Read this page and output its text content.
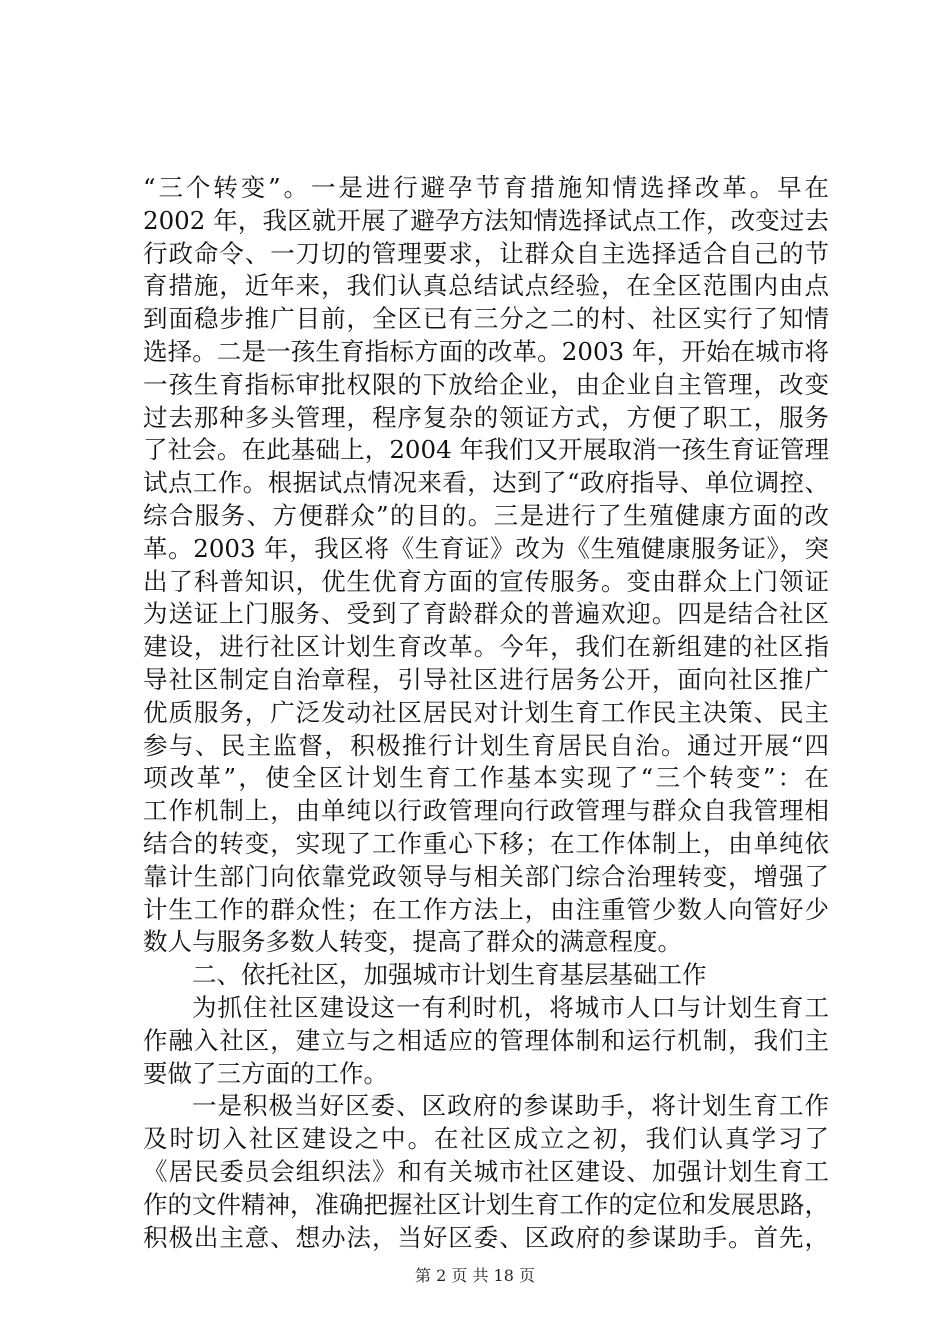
“三个转变”。一是进行避孕节育措施知情选择改革。早在
2002 年，我区就开展了避孕方法知情选择试点工作，改变过去
行政命令、一刀切的管理要求，让群众自主选择适合自己的节
育措施，近年来，我们认真总结试点经验，在全区范围内由点
到面稳步推广目前，全区已有三分之二的村、社区实行了知情
选择。二是一孩生育指标方面的改革。2003 年，开始在城市将
一孩生育指标审批权限的下放给企业，由企业自主管理，改变
过去那种多头管理，程序复杂的领证方式，方便了职工，服务
了社会。在此基础上，2004 年我们又开展取消一孩生育证管理
试点工作。根据试点情况来看，达到了“政府指导、单位调控、
综合服务、方便群众”的目的。三是进行了生殖健康方面的改
革。2003 年，我区将《生育证》改为《生殖健康服务证》，突
出了科普知识，优生优育方面的宣传服务。变由群众上门领证
为送证上门服务、受到了育龄群众的普遍欢迎。四是结合社区
建设，进行社区计划生育改革。今年，我们在新组建的社区指
导社区制定自治章程，引导社区进行居务公开，面向社区推广
优质服务，广泛发动社区居民对计划生育工作民主决策、民主
参与、民主监督，积极推行计划生育居民自治。通过开展“四
项改革”，使全区计划生育工作基本实现了“三个转变”：在
工作机制上，由单纯以行政管理向行政管理与群众自我管理相
结合的转变，实现了工作重心下移；在工作体制上，由单纯依
靠计生部门向依靠党政领导与相关部门综合治理转变，增强了
计生工作的群众性；在工作方法上，由注重管少数人向管好少
数人与服务多数人转变，提高了群众的满意程度。
二、依托社区，加强城市计划生育基层基础工作
为抓住社区建设这一有利时机，将城市人口与计划生育工
作融入社区，建立与之相适应的管理体制和运行机制，我们主
要做了三方面的工作。
一是积极当好区委、区政府的参谋助手，将计划生育工作
及时切入社区建设之中。在社区成立之初，我们认真学习了
《居民委员会组织法》和有关城市社区建设、加强计划生育工
作的文件精神，准确把握社区计划生育工作的定位和发展思路，
积极出主意、想办法，当好区委、区政府的参谋助手。首先，
第 2 页 共 18 页
